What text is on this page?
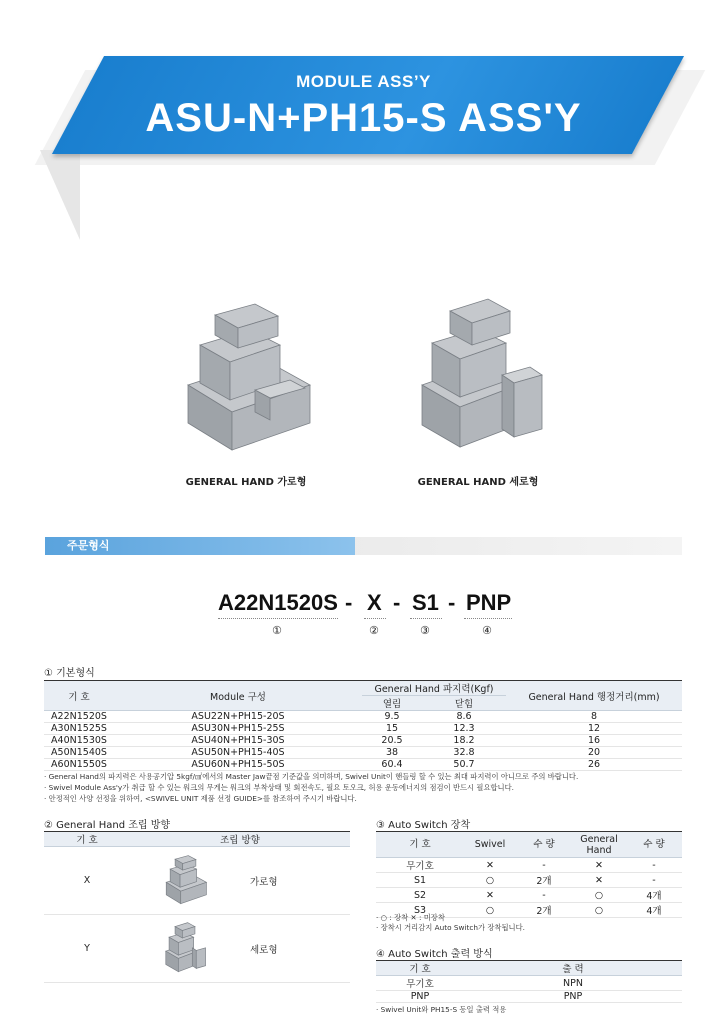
MODULE ASS’Y
ASU-N+PH15-S ASS'Y
GENERAL HAND 가로형	GENERAL HAND 세로형
주문형식
A22N1520S - X - S1 - PNP
①	②	③	④
① 기본형식
기 호	Module 구성	General Hand 파지력(Kgf)		General Hand 행정거리(mm)
		열림	닫힘	
A22N1520S	ASU22N+PH15-20S	9.5	8.6	8
A30N1525S	ASU30N+PH15-25S	15	12.3	12
A40N1530S	ASU40N+PH15-30S	20.5	18.2	16
A50N1540S	ASU50N+PH15-40S	38	32.8	20
A60N1550S	ASU60N+PH15-50S	60.4	50.7	26
· General Hand의 파지력은 사용공기압 5kgf/㎠에서의 Master Jaw끝점 기준값을 의미하며, Swivel Unit이 핸들링 할 수 있는 최대 파지력이 아니므로 주의 바랍니다.
· Swivel Module Ass'y가 취급 할 수 있는 워크의 무게는 워크의 부착상태 및 회전속도, 필요 토오크, 허용 운동에너지의 점검이 반드시 필요합니다.
· 안정적인 사양 선정을 위하여, <SWIVEL UNIT 제품 선정 GUIDE>를 참조하여 주시기 바랍니다.
② General Hand 조립 방향
기 호	조립 방향	
X		가로형
Y		세로형
③ Auto Switch 장착
기 호	Swivel	수 량	General Hand	수 량
무기호	✕	-	✕	-
S1	○	2개	✕	-
S2	✕	-	○	4개
S3	○	2개	○	4개
· ○ : 장착 ✕ : 미장착
· 장착시 거리감지 Auto Switch가 장착됩니다.
④ Auto Switch 출력 방식
기 호	출 력
무기호	NPN
PNP	PNP
· Swivel Unit와 PH15-S 동일 출력 적용
